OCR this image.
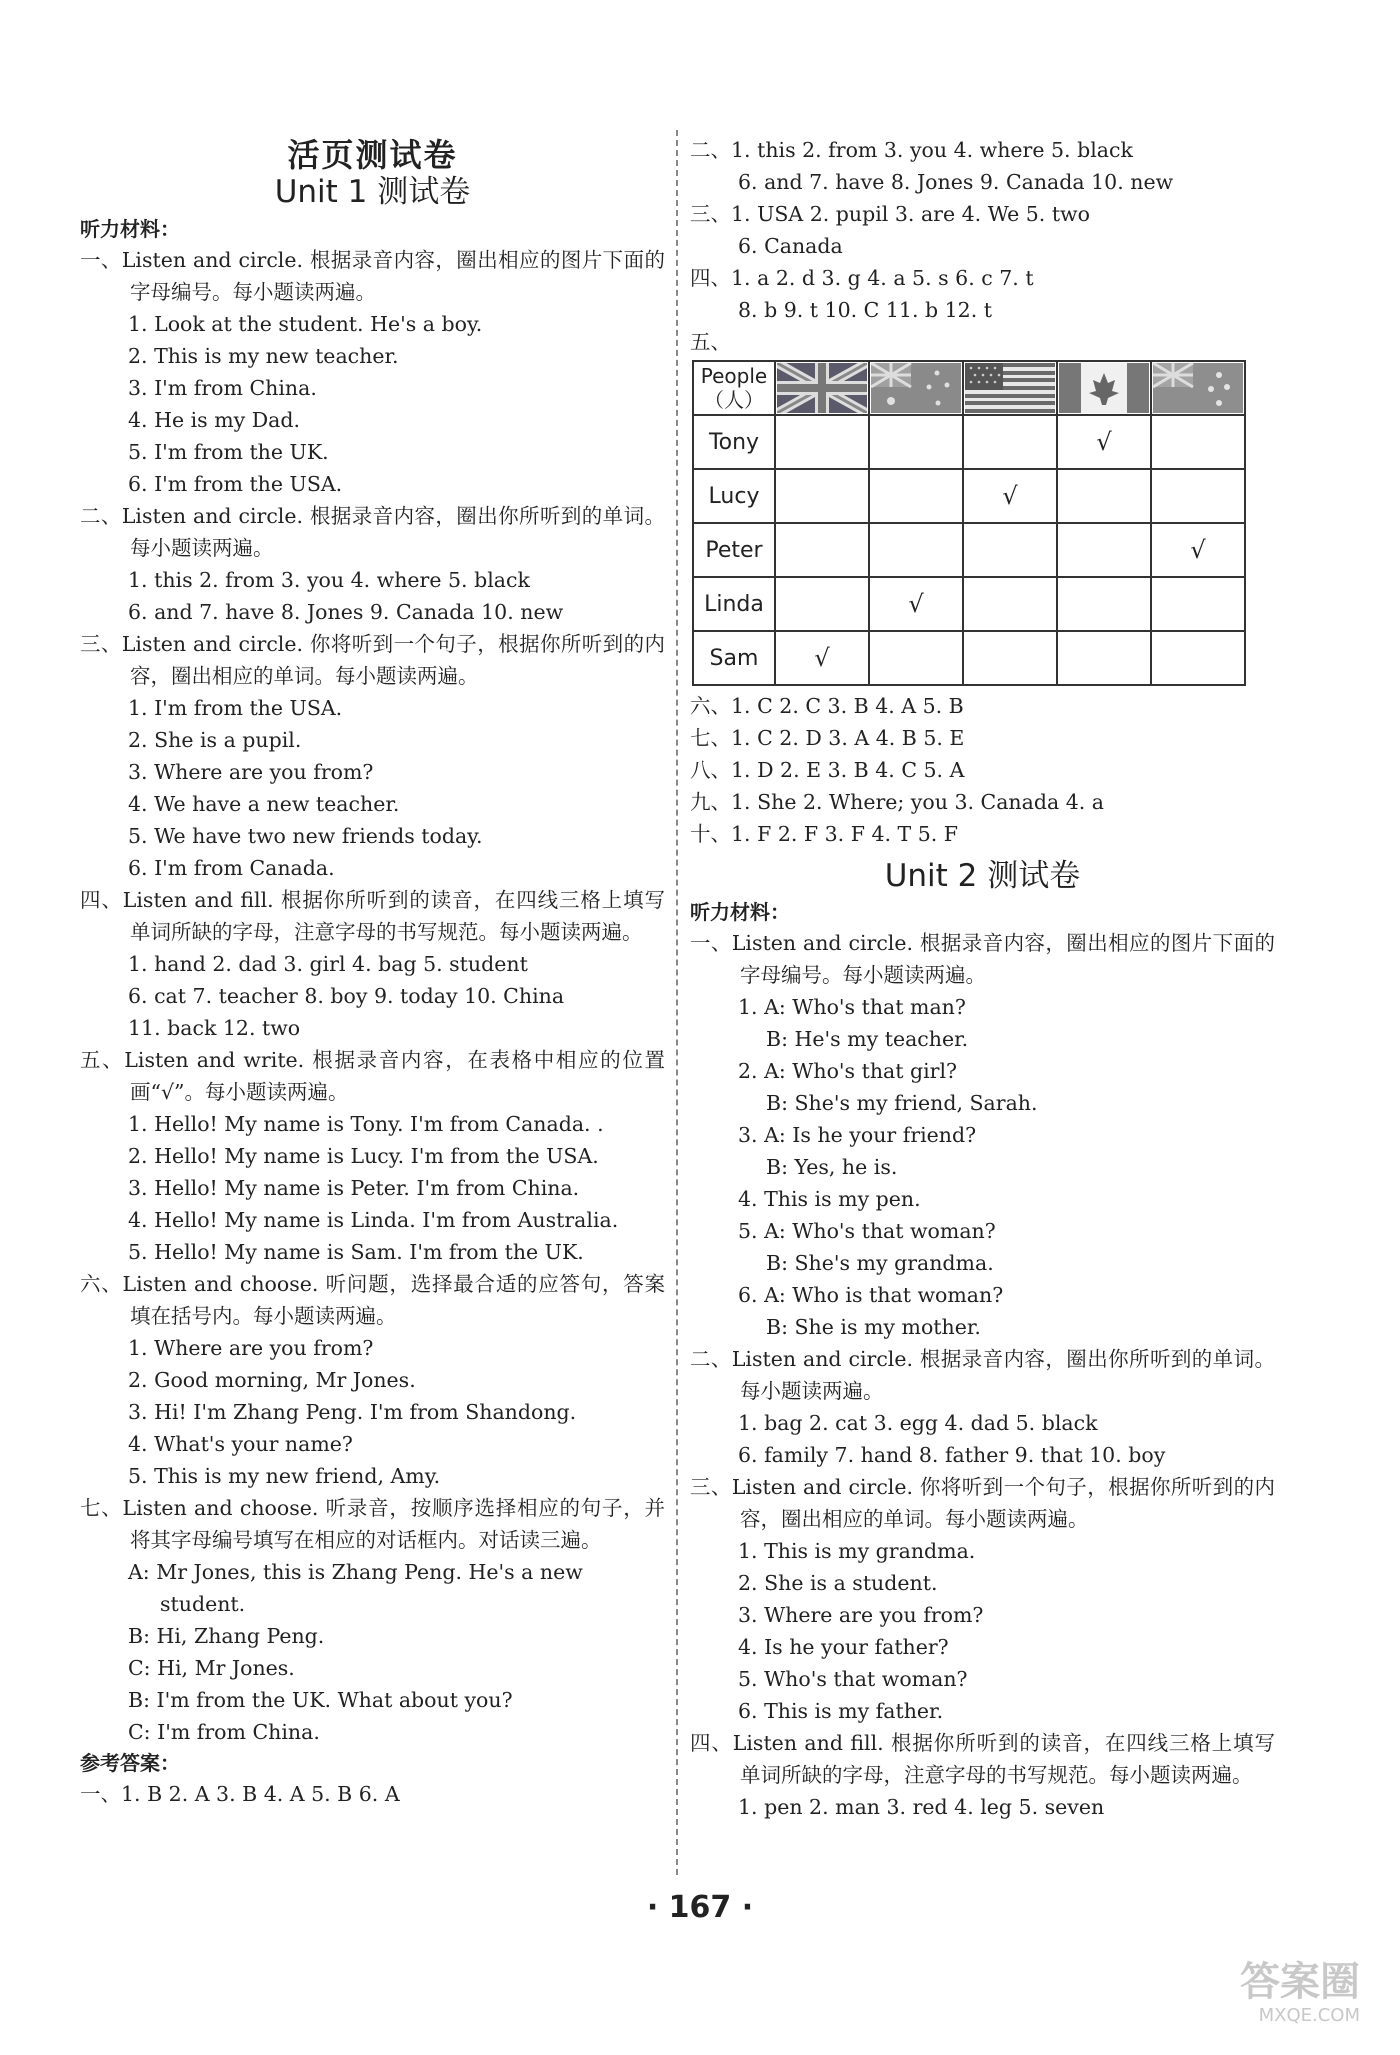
活页测试卷
Unit 1 测试卷
听力材料：
一、Listen and circle. 根据录音内容，圈出相应的图片下面的字母编号。每小题读两遍。
1. Look at the student. He's a boy.
2. This is my new teacher.
3. I'm from China.
4. He is my Dad.
5. I'm from the UK.
6. I'm from the USA.
二、Listen and circle. 根据录音内容，圈出你所听到的单词。每小题读两遍。
1. this 2. from 3. you 4. where 5. black
6. and 7. have 8. Jones 9. Canada 10. new
三、Listen and circle. 你将听到一个句子，根据你所听到的内容，圈出相应的单词。每小题读两遍。
1. I'm from the USA.
2. She is a pupil.
3. Where are you from?
4. We have a new teacher.
5. We have two new friends today.
6. I'm from Canada.
四、Listen and fill. 根据你所听到的读音，在四线三格上填写单词所缺的字母，注意字母的书写规范。每小题读两遍。
1. hand 2. dad 3. girl 4. bag 5. student
6. cat 7. teacher 8. boy 9. today 10. China
11. back 12. two
五、Listen and write. 根据录音内容，在表格中相应的位置画“√”。每小题读两遍。
1. Hello! My name is Tony. I'm from Canada. .
2. Hello! My name is Lucy. I'm from the USA.
3. Hello! My name is Peter. I'm from China.
4. Hello! My name is Linda. I'm from Australia.
5. Hello! My name is Sam. I'm from the UK.
六、Listen and choose. 听问题，选择最合适的应答句，答案填在括号内。每小题读两遍。
1. Where are you from?
2. Good morning, Mr Jones.
3. Hi! I'm Zhang Peng. I'm from Shandong.
4. What's your name?
5. This is my new friend, Amy.
七、Listen and choose. 听录音，按顺序选择相应的句子，并将其字母编号填写在相应的对话框内。对话读三遍。
A: Mr Jones, this is Zhang Peng. He's a new student.
B: Hi, Zhang Peng.
C: Hi, Mr Jones.
B: I'm from the UK. What about you?
C: I'm from China.
参考答案：
一、1. B 2. A 3. B 4. A 5. B 6. A
二、1. this 2. from 3. you 4. where 5. black
6. and 7. have 8. Jones 9. Canada 10. new
三、1. USA 2. pupil 3. are 4. We 5. two
6. Canada
四、1. a 2. d 3. g 4. a 5. s 6. c 7. t
8. b 9. t 10. C 11. b 12. t
五、
People（人）					
Tony				√	
Lucy			√		
Peter					√
Linda		√			
Sam	√				
六、1. C 2. C 3. B 4. A 5. B
七、1. C 2. D 3. A 4. B 5. E
八、1. D 2. E 3. B 4. C 5. A
九、1. She 2. Where; you 3. Canada 4. a
十、1. F 2. F 3. F 4. T 5. F
Unit 2 测试卷
听力材料：
一、Listen and circle. 根据录音内容，圈出相应的图片下面的字母编号。每小题读两遍。
1. A: Who's that man?
B: He's my teacher.
2. A: Who's that girl?
B: She's my friend, Sarah.
3. A: Is he your friend?
B: Yes, he is.
4. This is my pen.
5. A: Who's that woman?
B: She's my grandma.
6. A: Who is that woman?
B: She is my mother.
二、Listen and circle. 根据录音内容，圈出你所听到的单词。每小题读两遍。
1. bag 2. cat 3. egg 4. dad 5. black
6. family 7. hand 8. father 9. that 10. boy
三、Listen and circle. 你将听到一个句子，根据你所听到的内容，圈出相应的单词。每小题读两遍。
1. This is my grandma.
2. She is a student.
3. Where are you from?
4. Is he your father?
5. Who's that woman?
6. This is my father.
四、Listen and fill. 根据你所听到的读音，在四线三格上填写单词所缺的字母，注意字母的书写规范。每小题读两遍。
1. pen 2. man 3. red 4. leg 5. seven
· 167 ·
答案圈
MXQE.COM
